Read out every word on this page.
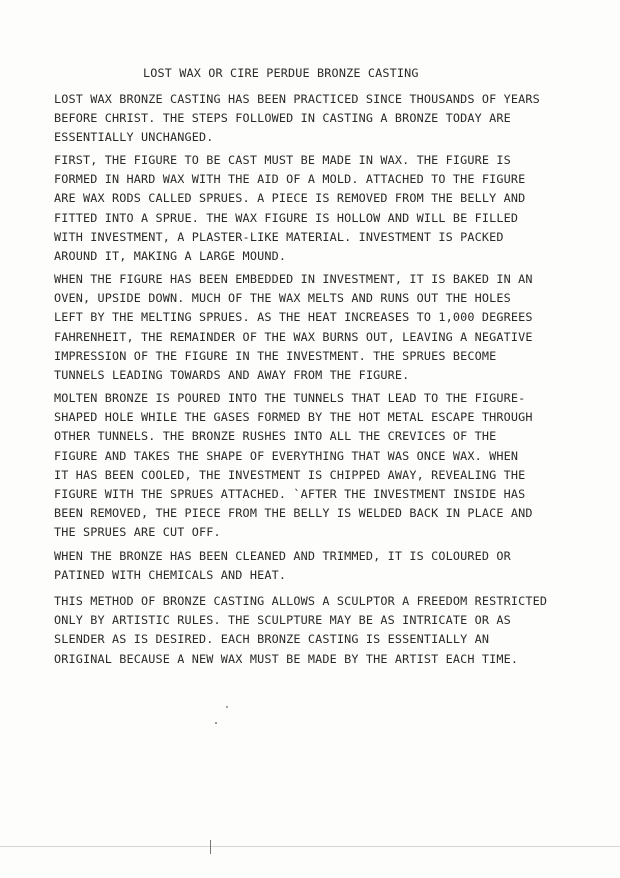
LOST WAX OR CIRE PERDUE BRONZE CASTING
LOST WAX BRONZE CASTING HAS BEEN PRACTICED SINCE THOUSANDS OF YEARS
BEFORE CHRIST. THE STEPS FOLLOWED IN CASTING A BRONZE TODAY ARE
ESSENTIALLY UNCHANGED.
FIRST, THE FIGURE TO BE CAST MUST BE MADE IN WAX. THE FIGURE IS
FORMED IN HARD WAX WITH THE AID OF A MOLD. ATTACHED TO THE FIGURE
ARE WAX RODS CALLED SPRUES. A PIECE IS REMOVED FROM THE BELLY AND
FITTED INTO A SPRUE. THE WAX FIGURE IS HOLLOW AND WILL BE FILLED
WITH INVESTMENT, A PLASTER-LIKE MATERIAL. INVESTMENT IS PACKED
AROUND IT, MAKING A LARGE MOUND.
WHEN THE FIGURE HAS BEEN EMBEDDED IN INVESTMENT, IT IS BAKED IN AN
OVEN, UPSIDE DOWN. MUCH OF THE WAX MELTS AND RUNS OUT THE HOLES
LEFT BY THE MELTING SPRUES. AS THE HEAT INCREASES TO 1,000 DEGREES
FAHRENHEIT, THE REMAINDER OF THE WAX BURNS OUT, LEAVING A NEGATIVE
IMPRESSION OF THE FIGURE IN THE INVESTMENT. THE SPRUES BECOME
TUNNELS LEADING TOWARDS AND AWAY FROM THE FIGURE.
MOLTEN BRONZE IS POURED INTO THE TUNNELS THAT LEAD TO THE FIGURE-
SHAPED HOLE WHILE THE GASES FORMED BY THE HOT METAL ESCAPE THROUGH
OTHER TUNNELS. THE BRONZE RUSHES INTO ALL THE CREVICES OF THE
FIGURE AND TAKES THE SHAPE OF EVERYTHING THAT WAS ONCE WAX. WHEN
IT HAS BEEN COOLED, THE INVESTMENT IS CHIPPED AWAY, REVEALING THE
FIGURE WITH THE SPRUES ATTACHED. `AFTER THE INVESTMENT INSIDE HAS
BEEN REMOVED, THE PIECE FROM THE BELLY IS WELDED BACK IN PLACE AND
THE SPRUES ARE CUT OFF.
WHEN THE BRONZE HAS BEEN CLEANED AND TRIMMED, IT IS COLOURED OR
PATINED WITH CHEMICALS AND HEAT.
THIS METHOD OF BRONZE CASTING ALLOWS A SCULPTOR A FREEDOM RESTRICTED
ONLY BY ARTISTIC RULES. THE SCULPTURE MAY BE AS INTRICATE OR AS
SLENDER AS IS DESIRED. EACH BRONZE CASTING IS ESSENTIALLY AN
ORIGINAL BECAUSE A NEW WAX MUST BE MADE BY THE ARTIST EACH TIME.
